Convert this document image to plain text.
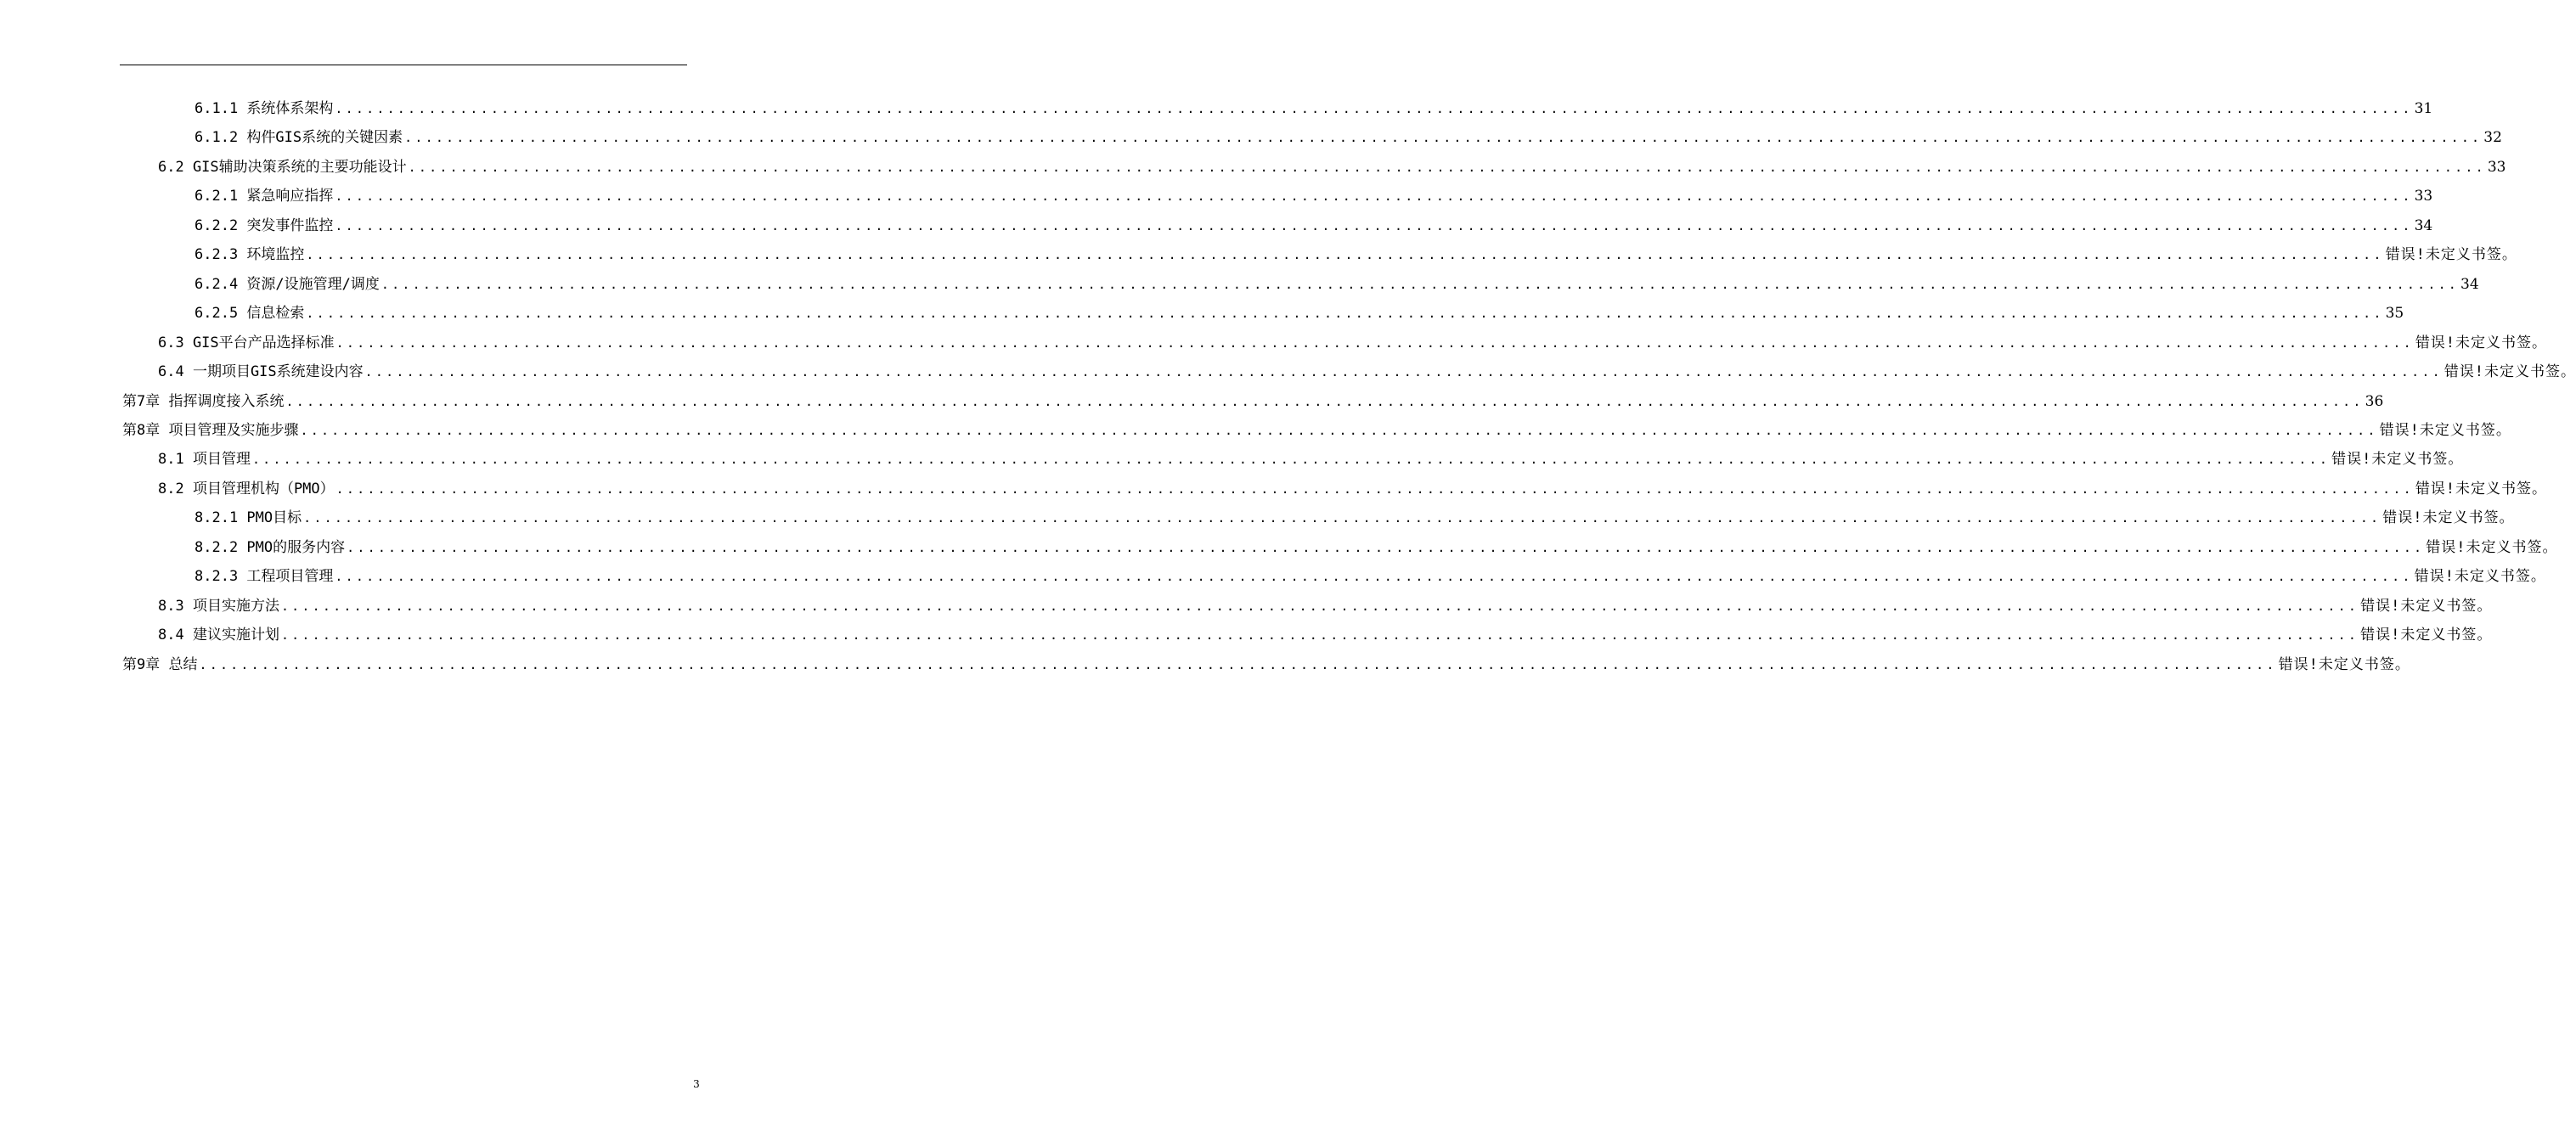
6.1.1 系统体系架构 ........................................................................................................................................................................................................ 31
6.1.2 构件GIS系统的关键因素 ........................................................................................................................................................................................................ 32
6.2 GIS辅助决策系统的主要功能设计 ........................................................................................................................................................................................................ 33
6.2.1 紧急响应指挥 ........................................................................................................................................................................................................ 33
6.2.2 突发事件监控 ........................................................................................................................................................................................................ 34
6.2.3 环境监控 ........................................................................................................................................................................................................ 错误!未定义书签。
6.2.4 资源/设施管理/调度 ........................................................................................................................................................................................................ 34
6.2.5 信息检索 ........................................................................................................................................................................................................ 35
6.3 GIS平台产品选择标准 ........................................................................................................................................................................................................ 错误!未定义书签。
6.4 一期项目GIS系统建设内容 ........................................................................................................................................................................................................ 错误!未定义书签。
第7章 指挥调度接入系统 ........................................................................................................................................................................................................ 36
第8章 项目管理及实施步骤 ........................................................................................................................................................................................................ 错误!未定义书签。
8.1 项目管理 ........................................................................................................................................................................................................ 错误!未定义书签。
8.2 项目管理机构（PMO） ........................................................................................................................................................................................................ 错误!未定义书签。
8.2.1 PMO目标 ........................................................................................................................................................................................................ 错误!未定义书签。
8.2.2 PMO的服务内容 ........................................................................................................................................................................................................ 错误!未定义书签。
8.2.3 工程项目管理 ........................................................................................................................................................................................................ 错误!未定义书签。
8.3 项目实施方法 ........................................................................................................................................................................................................ 错误!未定义书签。
8.4 建议实施计划 ........................................................................................................................................................................................................ 错误!未定义书签。
第9章 总结 ........................................................................................................................................................................................................ 错误!未定义书签。
3
